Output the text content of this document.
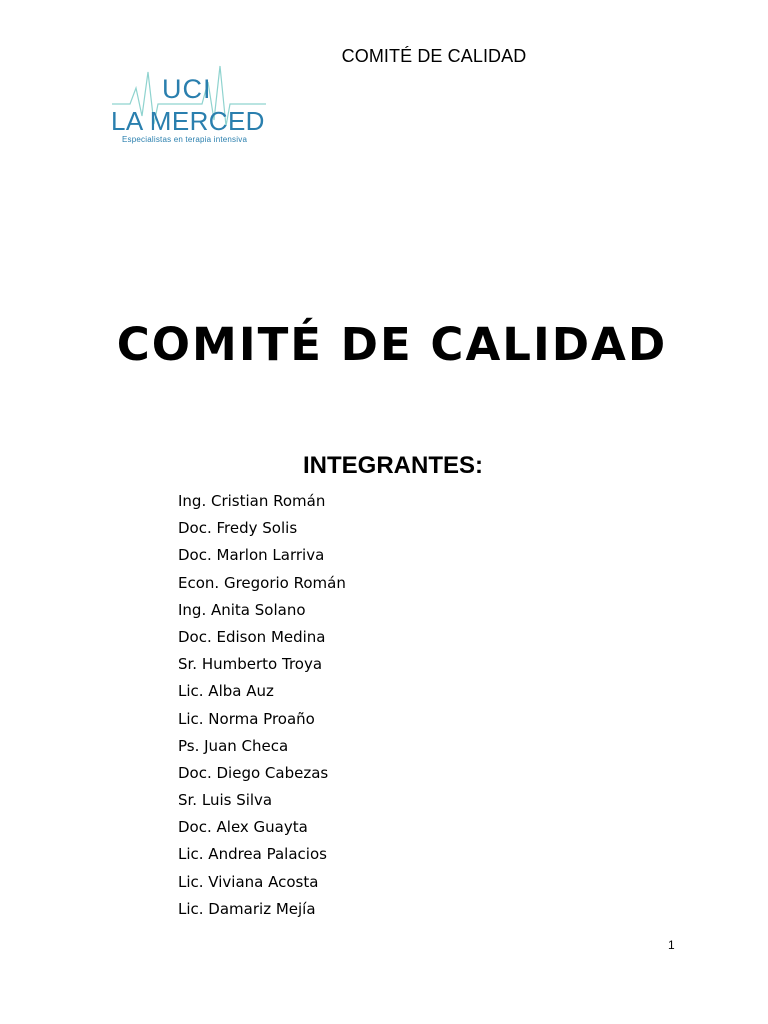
COMITÉ DE CALIDAD
UCI
LA MERCED
Especialistas en terapia intensiva
COMITÉ DE CALIDAD
INTEGRANTES:
Ing. Cristian Román
Doc. Fredy Solis
Doc. Marlon Larriva
Econ. Gregorio Román
Ing. Anita Solano
Doc. Edison Medina
Sr. Humberto Troya
Lic. Alba Auz
Lic. Norma Proaño
Ps. Juan Checa
Doc. Diego Cabezas
Sr. Luis Silva
Doc. Alex Guayta
Lic. Andrea Palacios
Lic. Viviana Acosta
Lic. Damariz Mejía
1
